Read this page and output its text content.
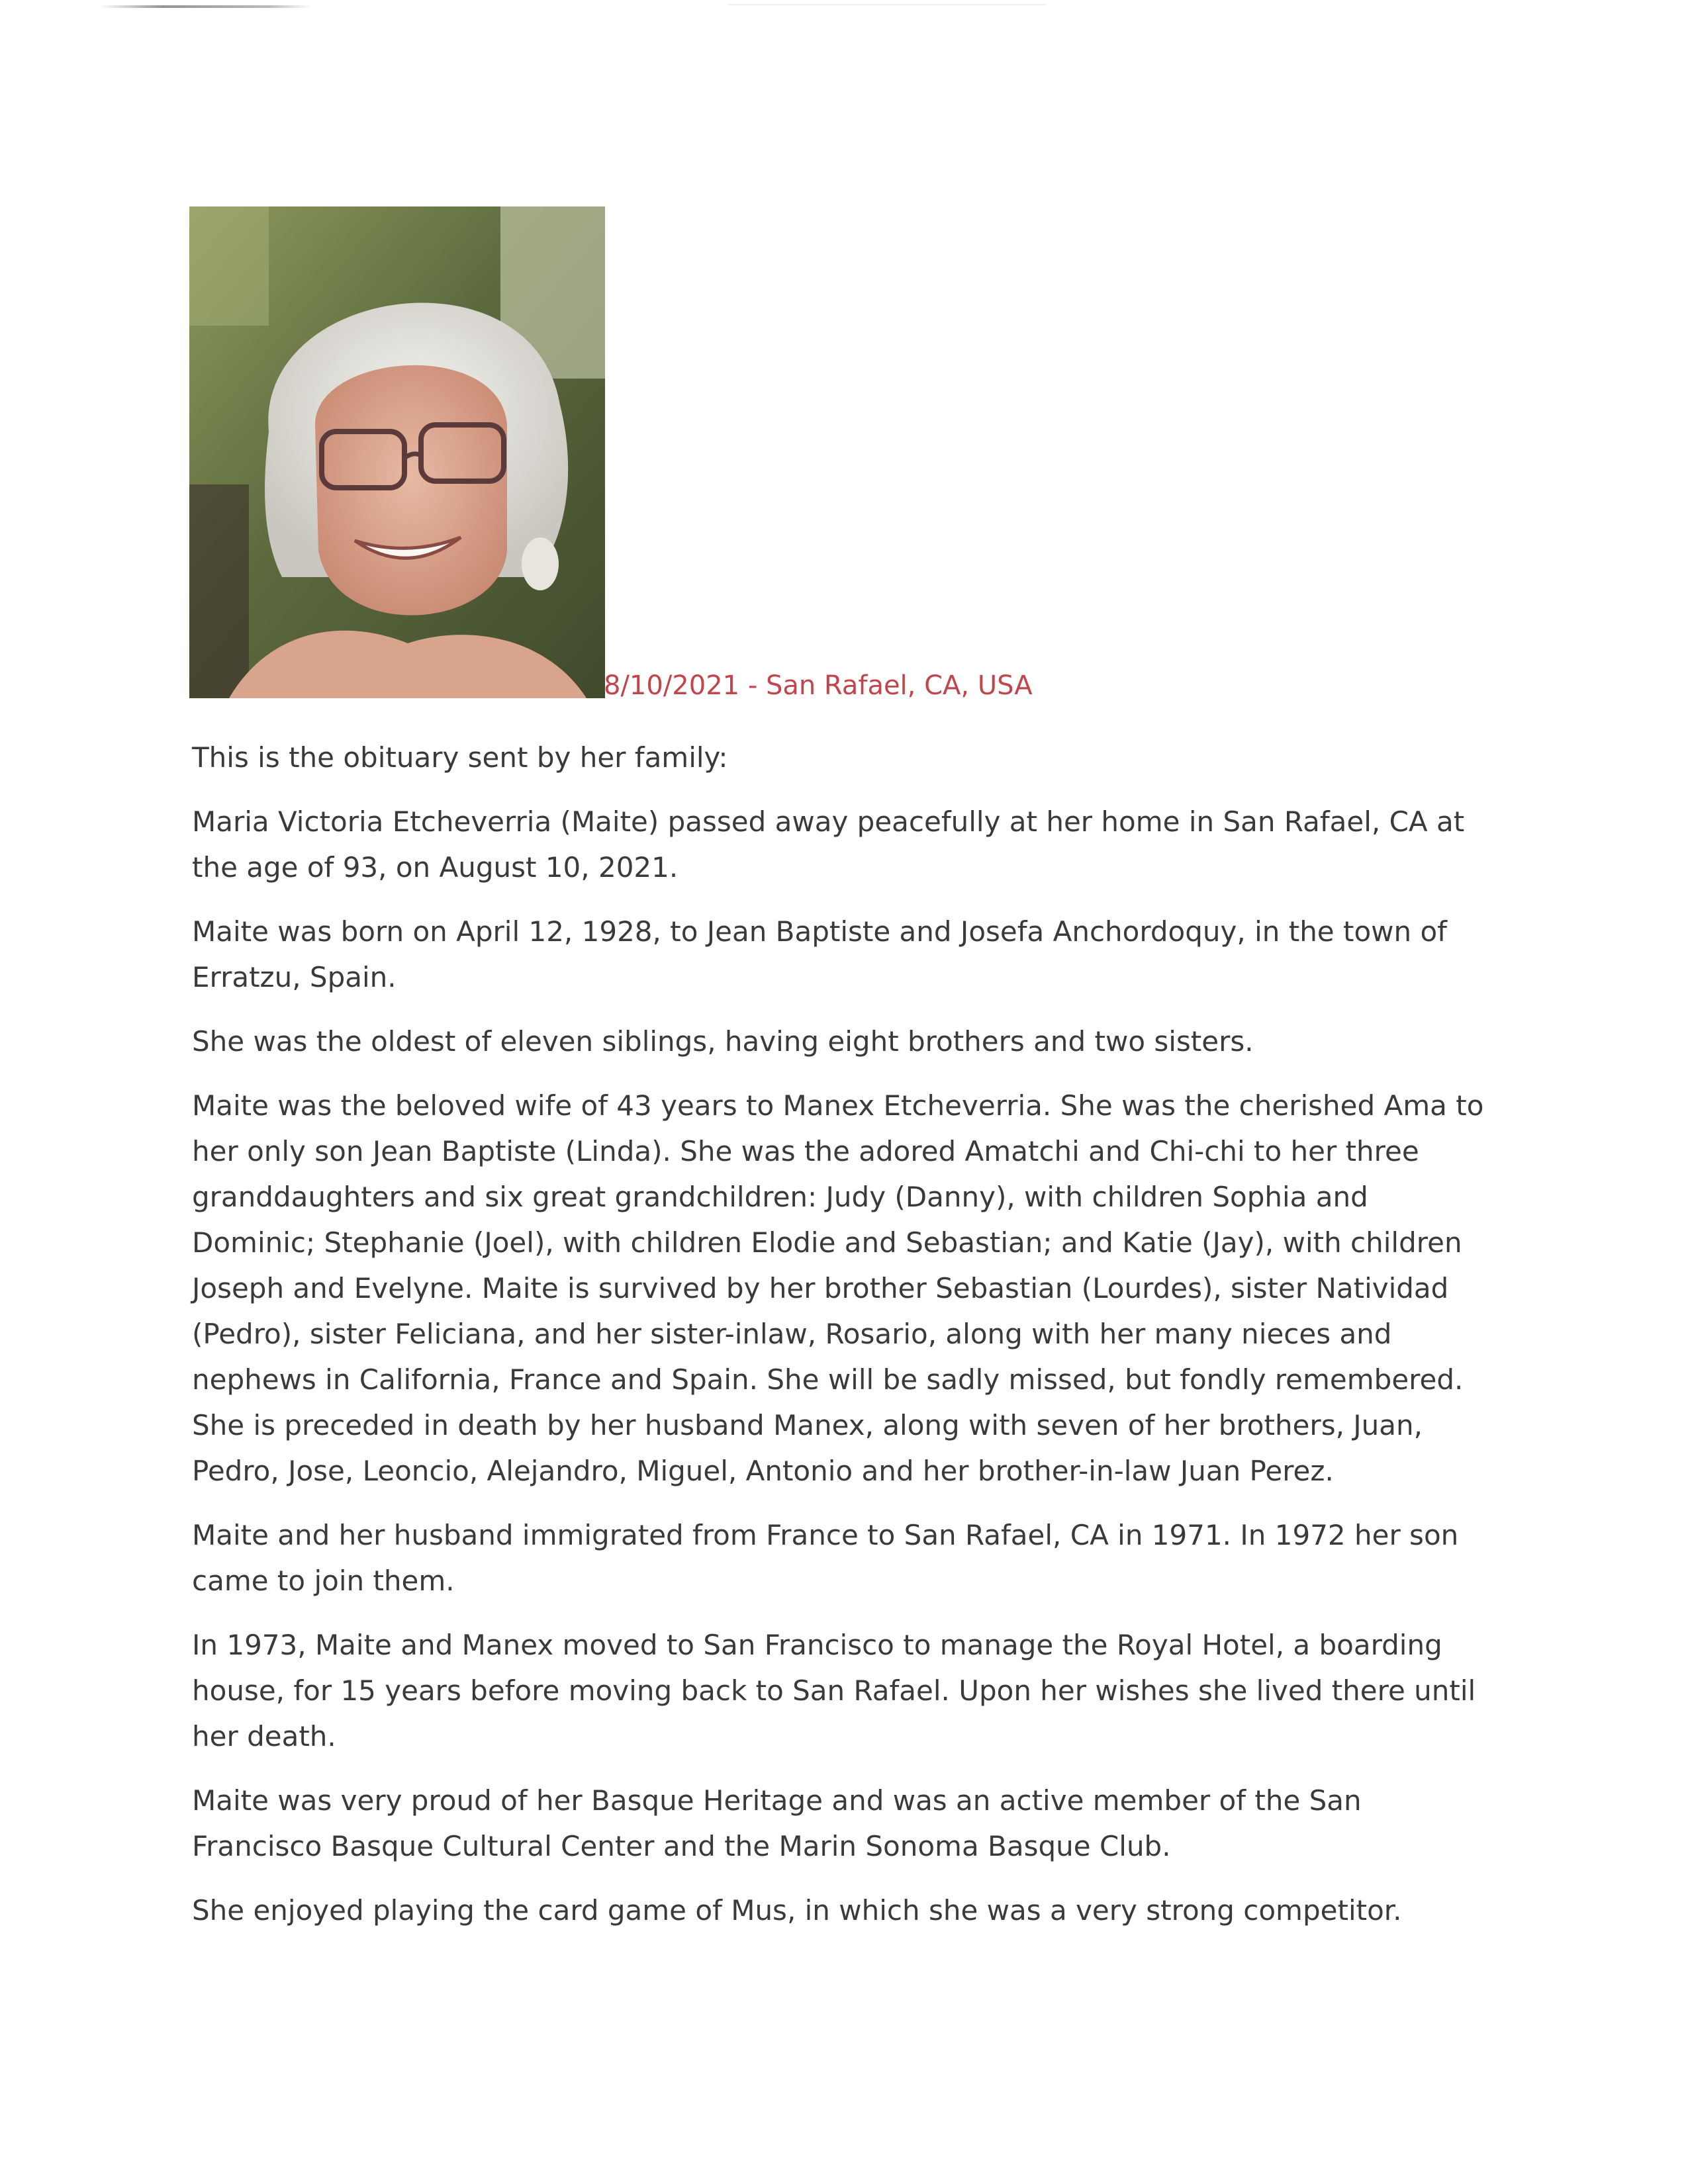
8/10/2021 - San Rafael, CA, USA

This is the obituary sent by her family:

Maria Victoria Etcheverria (Maite) passed away peacefully at her home in San Rafael, CA at the age of 93, on August 10, 2021.

Maite was born on April 12, 1928, to Jean Baptiste and Josefa Anchordoquy, in the town of Erratzu, Spain.

She was the oldest of eleven siblings, having eight brothers and two sisters.

Maite was the beloved wife of 43 years to Manex Etcheverria. She was the cherished Ama to her only son Jean Baptiste (Linda). She was the adored Amatchi and Chi-chi to her three granddaughters and six great grandchildren: Judy (Danny), with children Sophia and Dominic; Stephanie (Joel), with children Elodie and Sebastian; and Katie (Jay), with children Joseph and Evelyne. Maite is survived by her brother Sebastian (Lourdes), sister Natividad (Pedro), sister Feliciana, and her sister-inlaw, Rosario, along with her many nieces and nephews in California, France and Spain. She will be sadly missed, but fondly remembered. She is preceded in death by her husband Manex, along with seven of her brothers, Juan, Pedro, Jose, Leoncio, Alejandro, Miguel, Antonio and her brother-in-law Juan Perez.

Maite and her husband immigrated from France to San Rafael, CA in 1971. In 1972 her son came to join them.

In 1973, Maite and Manex moved to San Francisco to manage the Royal Hotel, a boarding house, for 15 years before moving back to San Rafael. Upon her wishes she lived there until her death.

Maite was very proud of her Basque Heritage and was an active member of the San Francisco Basque Cultural Center and the Marin Sonoma Basque Club.

She enjoyed playing the card game of Mus, in which she was a very strong competitor.
